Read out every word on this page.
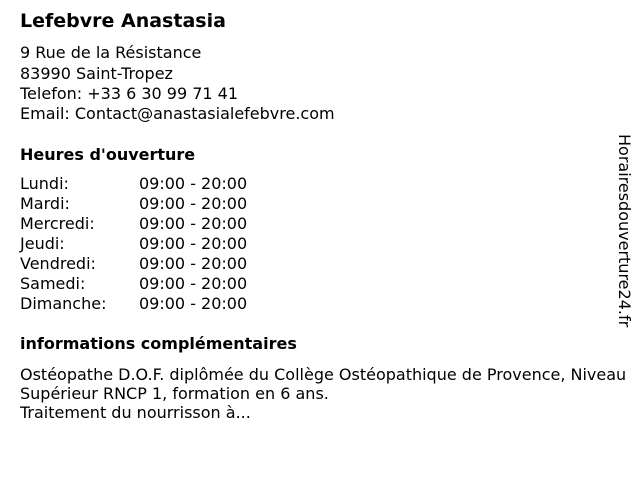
Lefebvre Anastasia
9 Rue de la Résistance
83990 Saint-Tropez
Telefon: +33 6 30 99 71 41
Email: Contact@anastasialefebvre.com
Heures d'ouverture
Lundi:	09:00 - 20:00
Mardi:	09:00 - 20:00
Mercredi:	09:00 - 20:00
Jeudi:	09:00 - 20:00
Vendredi:	09:00 - 20:00
Samedi:	09:00 - 20:00
Dimanche: 09:00 - 20:00
informations complémentaires
Ostéopathe D.O.F. diplômée du Collège Ostéopathique de Provence, Niveau Supérieur RNCP 1, formation en 6 ans.
Traitement du nourrisson à...
Horairesdouverture24.fr
